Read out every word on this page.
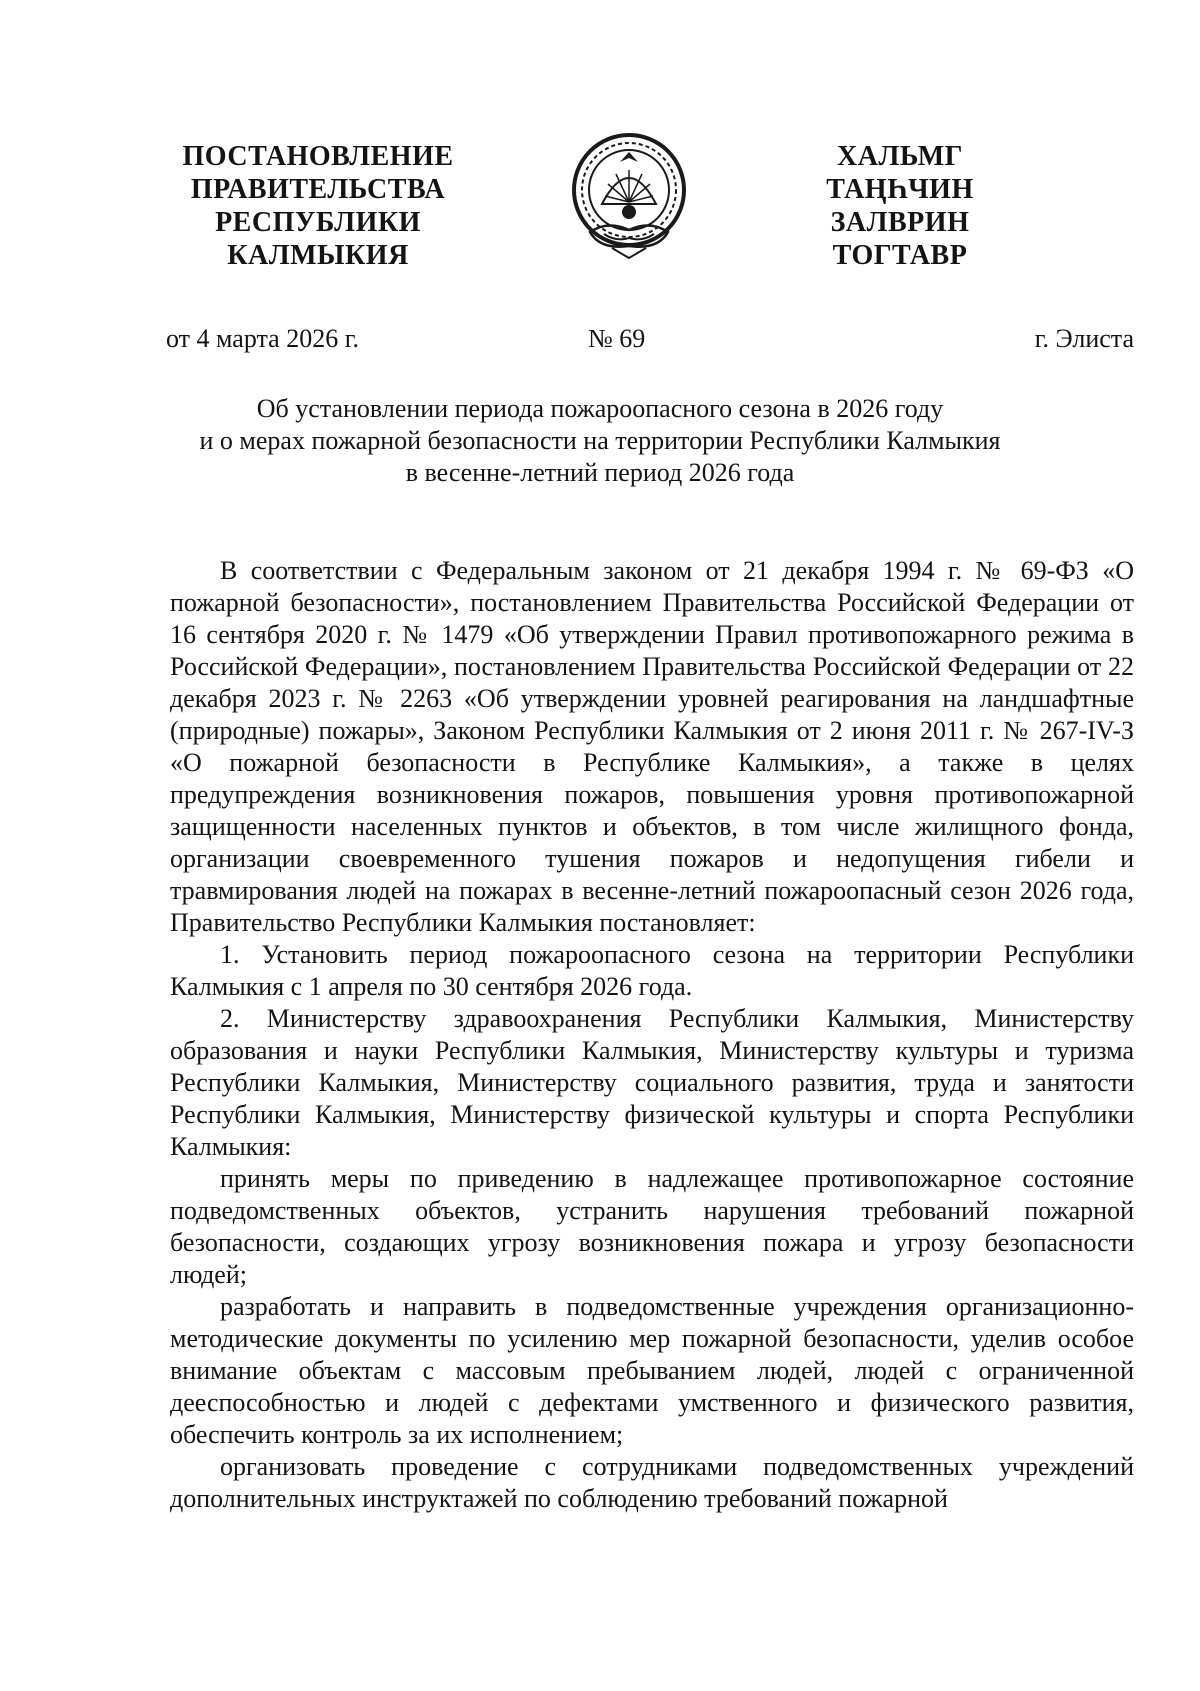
ПОСТАНОВЛЕНИЕ
ПРАВИТЕЛЬСТВА
РЕСПУБЛИКИ
КАЛМЫКИЯ
ХАЛЬМГ
ТАҢҺЧИН
ЗАЛВРИН
ТОГТАВР
от 4 марта 2026 г.	№ 69	г. Элиста
Об установлении периода пожароопасного сезона в 2026 году
и о мерах пожарной безопасности на территории Республики Калмыкия
в весенне-летний период 2026 года

В соответствии с Федеральным законом от 21 декабря 1994 г. № 69-ФЗ «О пожарной безопасности», постановлением Правительства Российской Федерации от 16 сентября 2020 г. № 1479 «Об утверждении Правил противопожарного режима в Российской Федерации», постановлением Правительства Российской Федерации от 22 декабря 2023 г. № 2263 «Об утверждении уровней реагирования на ландшафтные (природные) пожары», Законом Республики Калмыкия от 2 июня 2011 г. № 267-IV-З «О пожарной безопасности в Республике Калмыкия», а также в целях предупреждения возникновения пожаров, повышения уровня противопожарной защищенности населенных пунктов и объектов, в том числе жилищного фонда, организации своевременного тушения пожаров и недопущения гибели и травмирования людей на пожарах в весенне-летний пожароопасный сезон 2026 года, Правительство Республики Калмыкия постановляет:

1. Установить период пожароопасного сезона на территории Республики Калмыкия с 1 апреля по 30 сентября 2026 года.

2. Министерству здравоохранения Республики Калмыкия, Министерству образования и науки Республики Калмыкия, Министерству культуры и туризма Республики Калмыкия, Министерству социального развития, труда и занятости Республики Калмыкия, Министерству физической культуры и спорта Республики Калмыкия:

принять меры по приведению в надлежащее противопожарное состояние подведомственных объектов, устранить нарушения требований пожарной безопасности, создающих угрозу возникновения пожара и угрозу безопасности людей;

разработать и направить в подведомственные учреждения организационно-методические документы по усилению мер пожарной безопасности, уделив особое внимание объектам с массовым пребыванием людей, людей с ограниченной дееспособностью и людей с дефектами умственного и физического развития, обеспечить контроль за их исполнением;

организовать проведение с сотрудниками подведомственных учреждений дополнительных инструктажей по соблюдению требований пожарной
